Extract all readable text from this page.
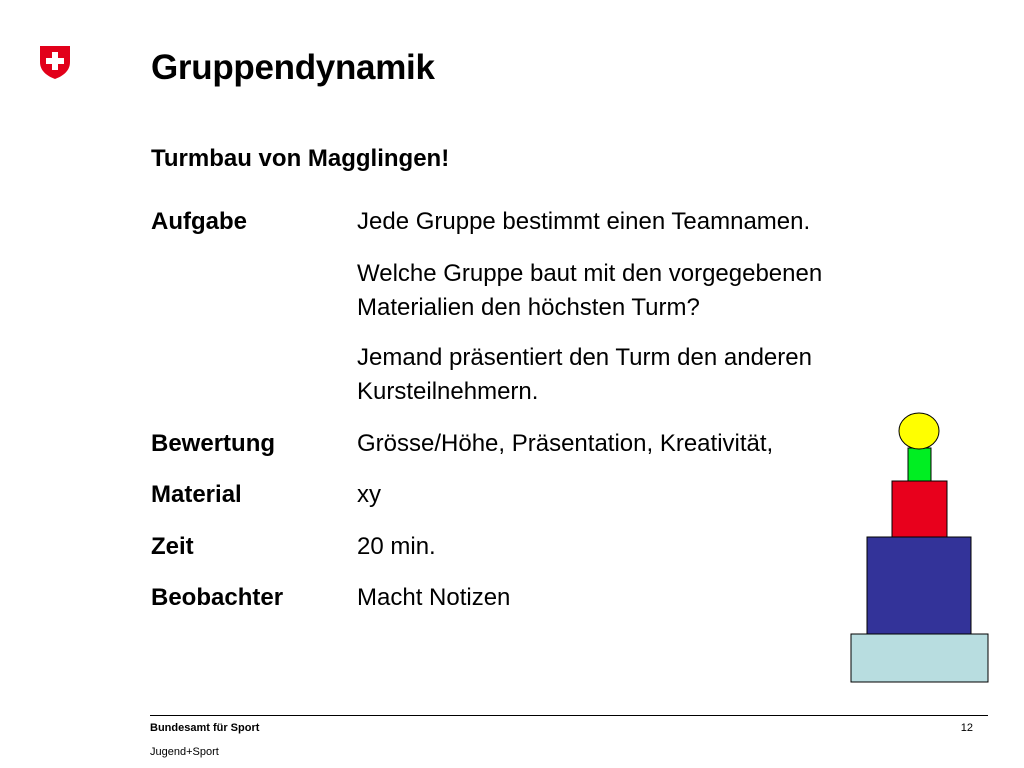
Gruppendynamik
Turmbau von Magglingen!
Aufgabe	Jede Gruppe bestimmt einen Teamnamen.
Welche Gruppe baut mit den vorgegebenen
Materialien den höchsten Turm?
Jemand präsentiert den Turm den anderen
Kursteilnehmern.
Bewertung	Grösse/Höhe, Präsentation, Kreativität,
Material	xy
Zeit	20 min.
Beobachter	Macht Notizen
Bundesamt für Sport
Jugend+Sport
12
